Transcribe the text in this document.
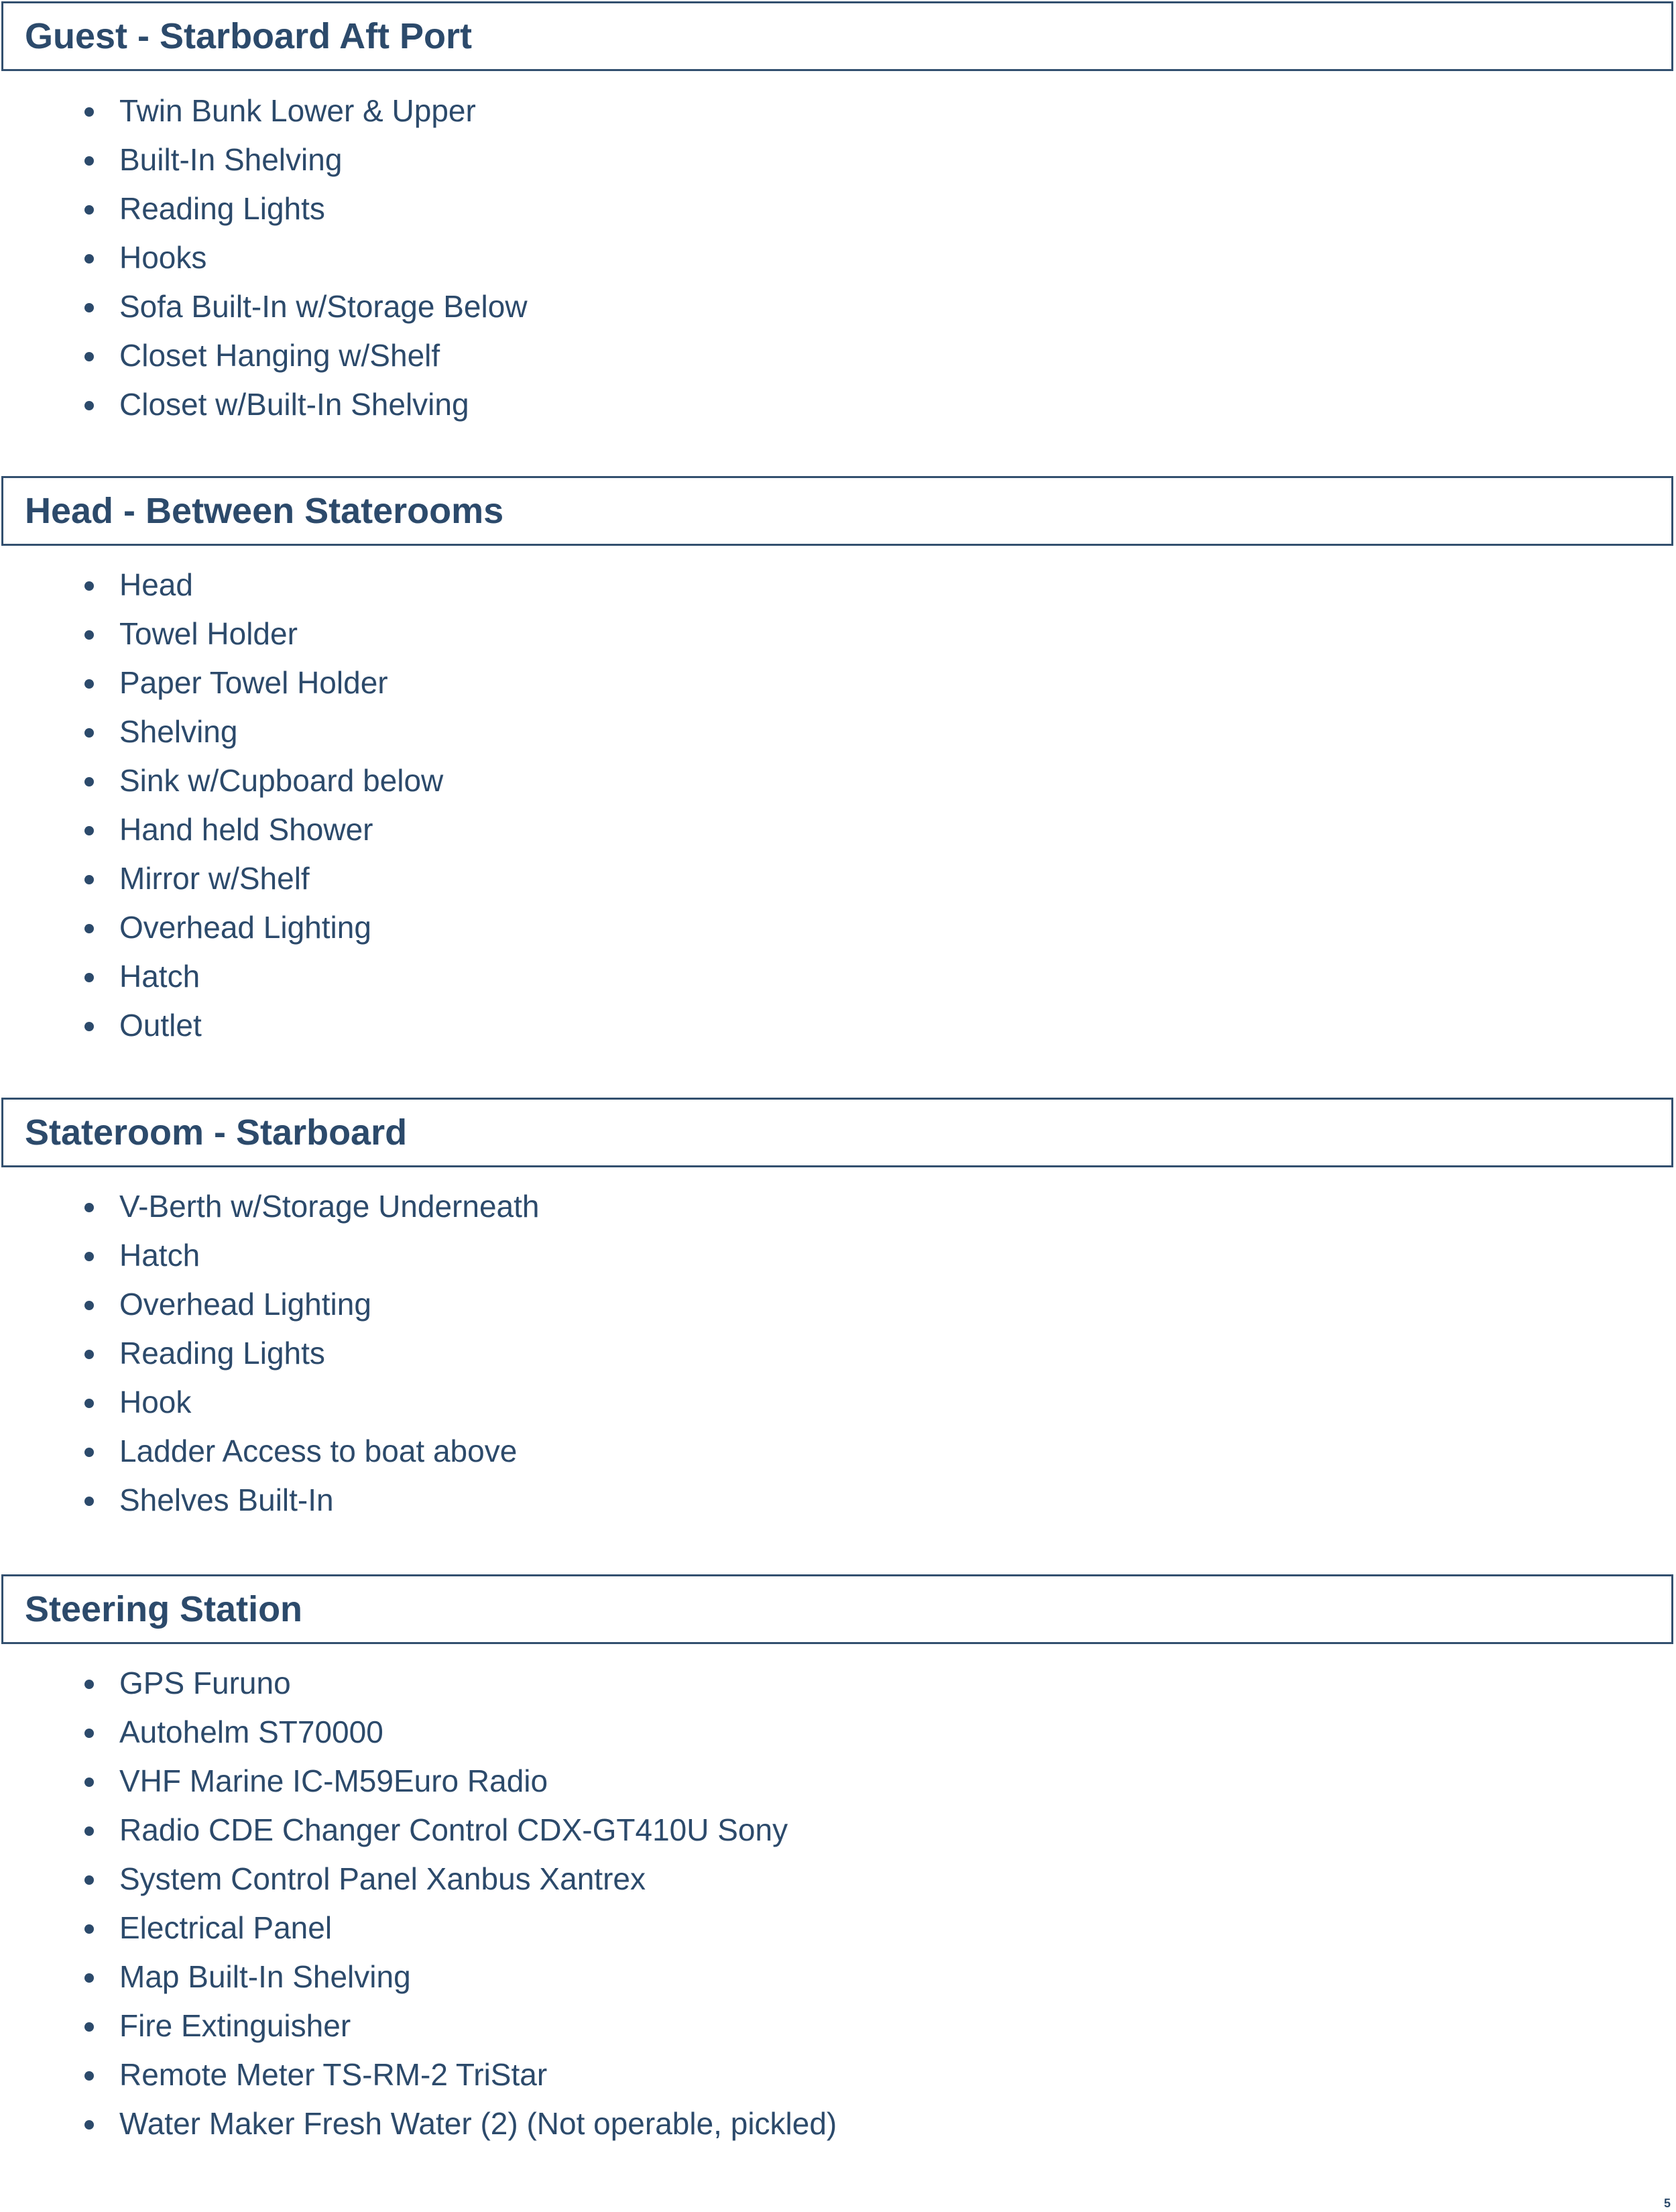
Guest - Starboard Aft Port
Twin Bunk Lower & Upper
Built-In Shelving
Reading Lights
Hooks
Sofa Built-In w/Storage Below
Closet Hanging w/Shelf
Closet w/Built-In Shelving
Head - Between Staterooms
Head
Towel Holder
Paper Towel Holder
Shelving
Sink w/Cupboard below
Hand held Shower
Mirror w/Shelf
Overhead Lighting
Hatch
Outlet
Stateroom - Starboard
V-Berth w/Storage Underneath
Hatch
Overhead Lighting
Reading Lights
Hook
Ladder Access to boat above
Shelves Built-In
Steering Station
GPS Furuno
Autohelm ST70000
VHF Marine IC-M59Euro Radio
Radio CDE Changer Control CDX-GT410U Sony
System Control Panel Xanbus Xantrex
Electrical Panel
Map Built-In Shelving
Fire Extinguisher
Remote Meter TS-RM-2 TriStar
Water Maker Fresh Water (2) (Not operable, pickled)
5
